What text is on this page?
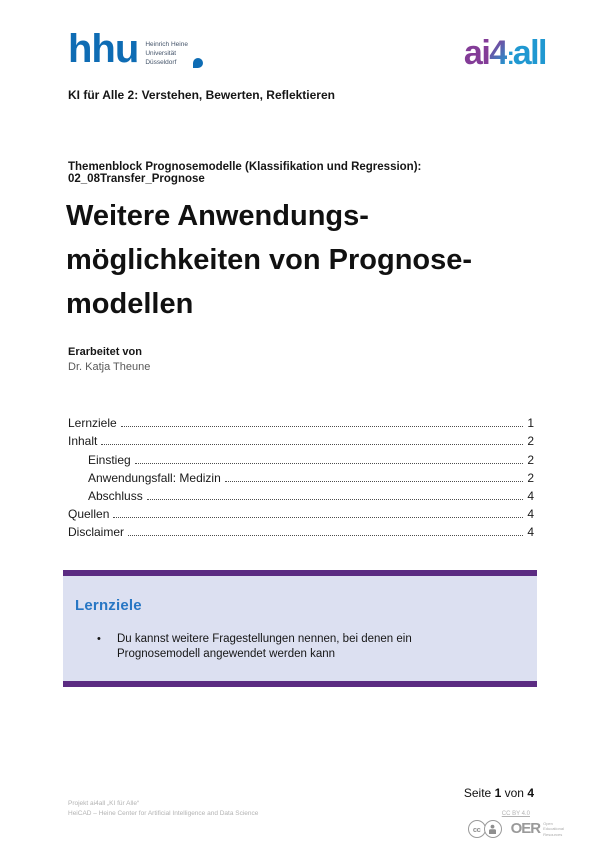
hhu Heinrich Heine
Universität
Düsseldorf	ai4:all
KI für Alle 2: Verstehen, Bewerten, Reflektieren
Themenblock Prognosemodelle (Klassifikation und Regression): 02_08Transfer_Prognose
Weitere Anwendungs-
möglichkeiten von Prognose-
modellen
Erarbeitet von
Dr. Katja Theune
Lernziele	1
Inhalt	2
Einstieg	2
Anwendungsfall: Medizin	2
Abschluss	4
Quellen	4
Disclaimer	4
Lernziele
•	Du kannst weitere Fragestellungen nennen, bei denen ein Prognosemodell angewendet werden kann
Seite 1 von 4
Projekt ai4all „KI für Alle“
HeiCAD – Heine Center for Artificial Intelligence and Data Science	CC BY 4.0
cc OER Open
Educational
Resources
